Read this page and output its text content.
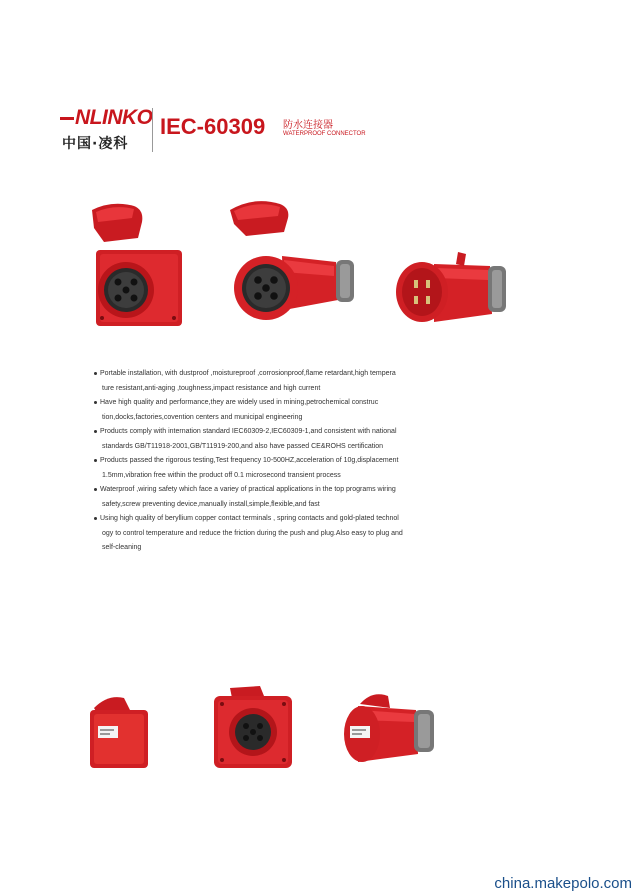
NLINKO
中国·凌科
IEC-60309 防水连接器
WATERPROOF CONNECTOR
Portable installation, with dustproof ,moistureproof ,corrosionproof,flame retardant,high tempera
ture resistant,anti-aging ,toughness,impact resistance and high current
Have high quality and performance,they are widely used in mining,petrochemical construc
tion,docks,factories,covention centers and municipal engineering
Products comply with internation standard IEC60309-2,IEC60309-1,and consistent with national
standards GB/T11918-2001,GB/T11919-200,and also have passed CE&ROHS certification
Products passed the rigorous testing,Test frequency 10-500HZ,acceleration of 10g,displacement
1.5mm,vibration free within the product off 0.1 microsecond transient process
Waterproof ,wiring safety which face a variey of practical applications in the top programs wiring
safety,screw preventing device,manually install,simple,flexible,and fast
Using high quality of beryllium copper contact terminals , spring contacts and gold-plated technol
ogy to control temperature and reduce the friction during the push and plug.Also easy to plug and
self-cleaning
china.makepolo.com
